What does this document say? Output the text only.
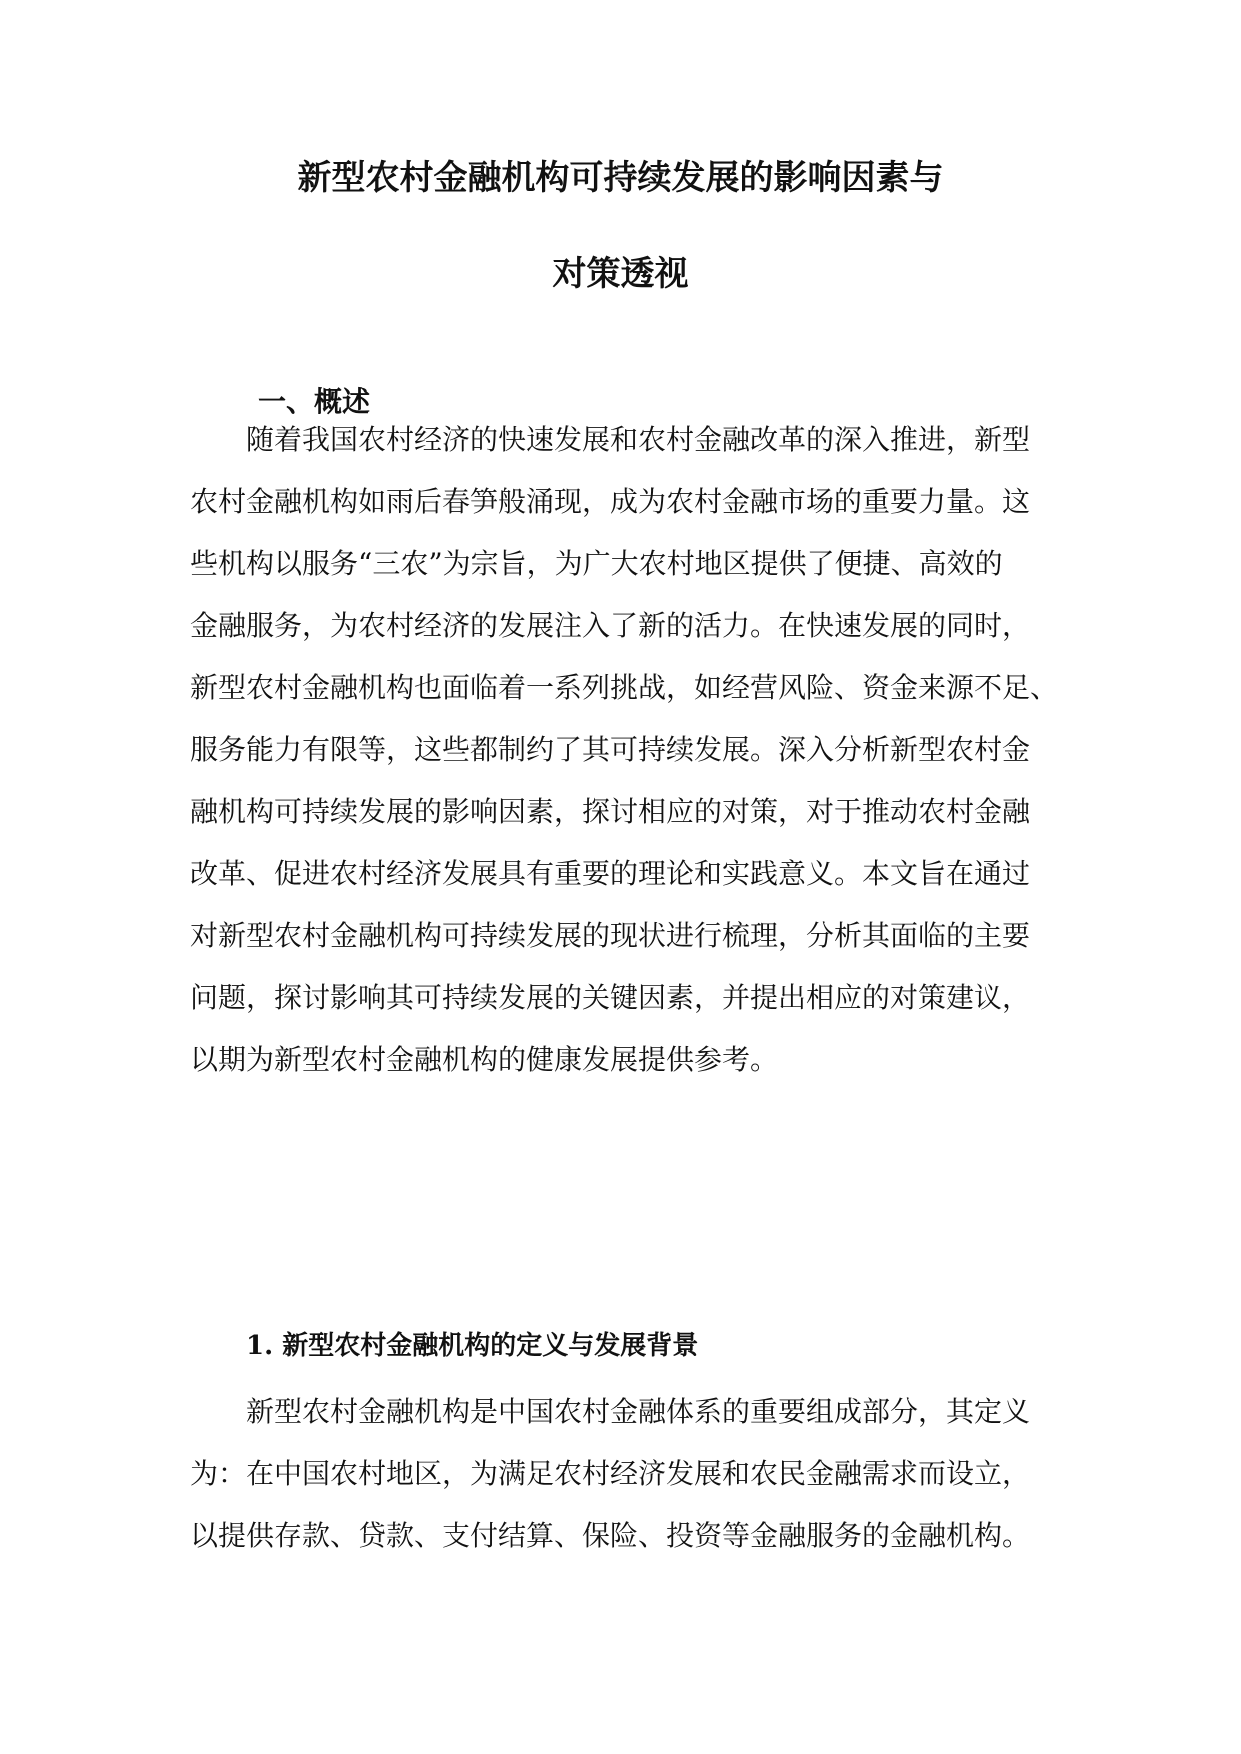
新型农村金融机构可持续发展的影响因素与
对策透视
一、概述
随着我国农村经济的快速发展和农村金融改革的深入推进，新型
农村金融机构如雨后春笋般涌现，成为农村金融市场的重要力量。这
些机构以服务“三农”为宗旨，为广大农村地区提供了便捷、高效的
金融服务，为农村经济的发展注入了新的活力。在快速发展的同时，
新型农村金融机构也面临着一系列挑战，如经营风险、资金来源不足、
服务能力有限等，这些都制约了其可持续发展。深入分析新型农村金
融机构可持续发展的影响因素，探讨相应的对策，对于推动农村金融
改革、促进农村经济发展具有重要的理论和实践意义。本文旨在通过
对新型农村金融机构可持续发展的现状进行梳理，分析其面临的主要
问题，探讨影响其可持续发展的关键因素，并提出相应的对策建议，
以期为新型农村金融机构的健康发展提供参考。
1. 新型农村金融机构的定义与发展背景
新型农村金融机构是中国农村金融体系的重要组成部分，其定义
为：在中国农村地区，为满足农村经济发展和农民金融需求而设立，
以提供存款、贷款、支付结算、保险、投资等金融服务的金融机构。
